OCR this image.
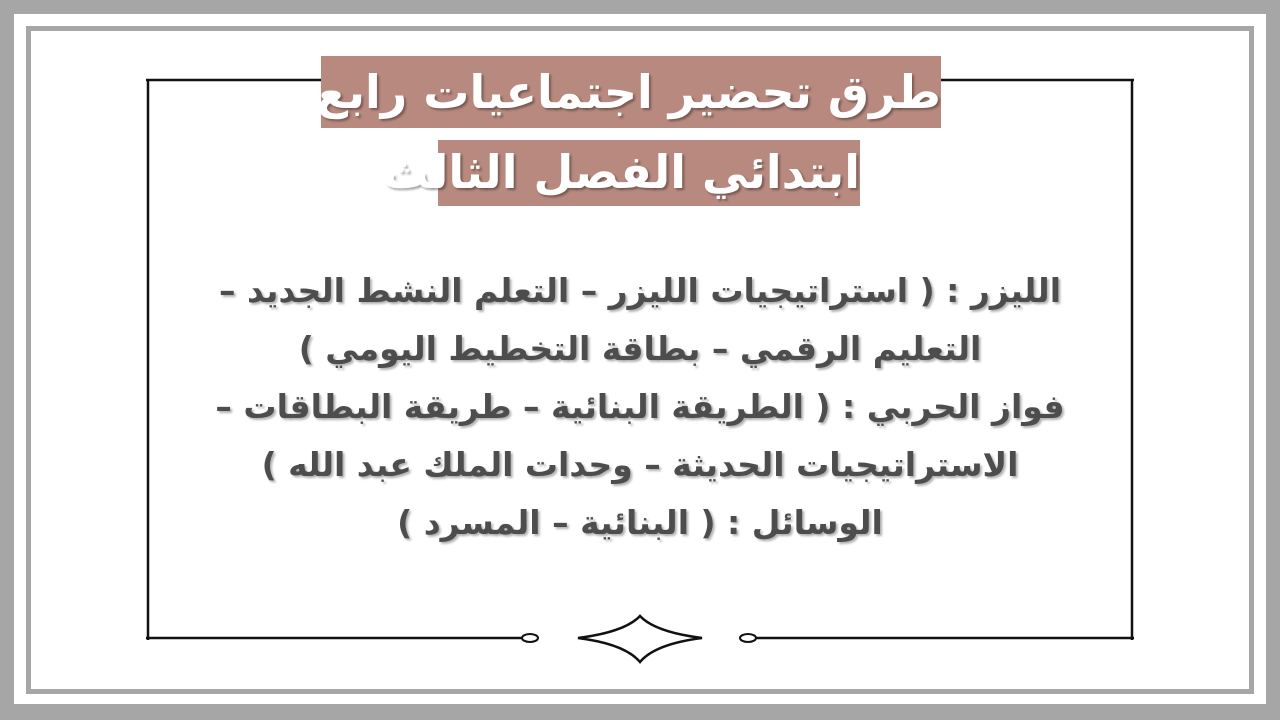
طرق تحضير اجتماعيات رابع
ابتدائي الفصل الثالث
الليزر : ( استراتيجيات الليزر – التعلم النشط الجديد –
التعليم الرقمي – بطاقة التخطيط اليومي )
فواز الحربي : ( الطريقة البنائية – طريقة البطاقات –
الاستراتيجيات الحديثة – وحدات الملك عبد الله )
الوسائل : ( البنائية – المسرد )
